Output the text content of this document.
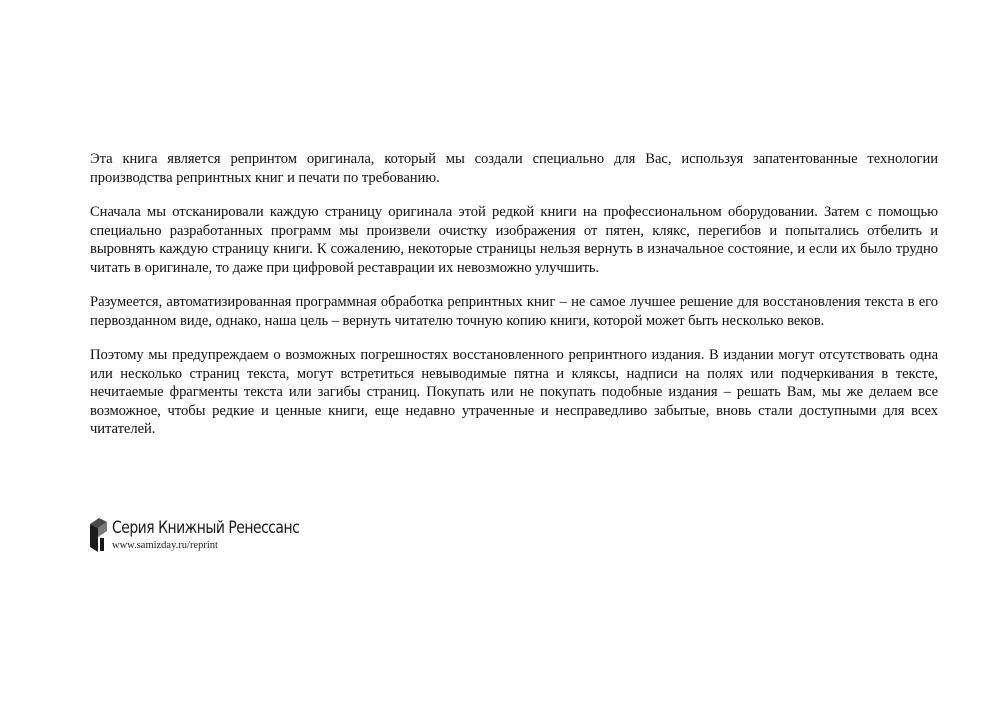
Эта книга является репринтом оригинала, который мы создали специально для Вас, используя запатентованные технологии производства репринтных книг и печати по требованию.

Сначала мы отсканировали каждую страницу оригинала этой редкой книги на профессиональном оборудовании. Затем с помощью специально разработанных программ мы произвели очистку изображения от пятен, клякс, перегибов и попытались отбелить и выровнять каждую страницу книги. К сожалению, некоторые страницы нельзя вернуть в изначальное состояние, и если их было трудно читать в оригинале, то даже при цифровой реставрации их невозможно улучшить.

Разумеется, автоматизированная программная обработка репринтных книг – не самое лучшее решение для восстановления текста в его первозданном виде, однако, наша цель – вернуть читателю точную копию книги, которой может быть несколько веков.

Поэтому мы предупреждаем о возможных погрешностях восстановленного репринтного издания. В издании могут отсутствовать одна или несколько страниц текста, могут встретиться невыводимые пятна и кляксы, надписи на полях или подчеркивания в тексте, нечитаемые фрагменты текста или загибы страниц. Покупать или не покупать подобные издания – решать Вам, мы же делаем все возможное, чтобы редкие и ценные книги, еще недавно утраченные и несправедливо забытые, вновь стали доступными для всех читателей.

Серия Книжный Ренессанс
www.samizday.ru/reprint
